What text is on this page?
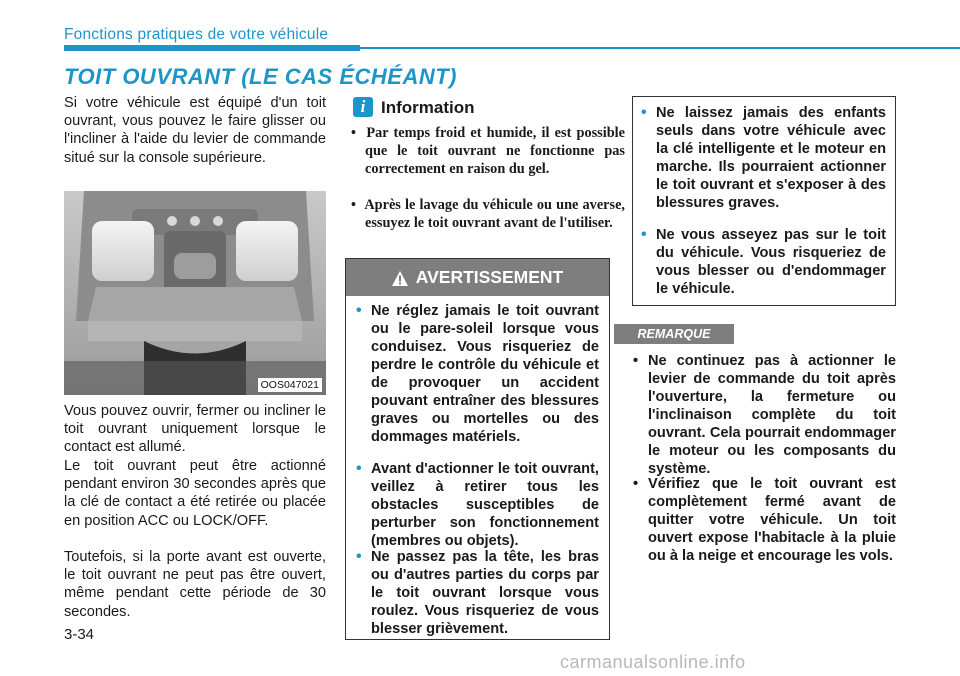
Fonctions pratiques de votre véhicule
TOIT OUVRANT (LE CAS ÉCHÉANT)
Si votre véhicule est équipé d'un toit ouvrant, vous pouvez le faire glisser ou l'incliner à l'aide du levier de commande situé sur la console supérieure.
OOS047021
Vous pouvez ouvrir, fermer ou incliner le toit ouvrant uniquement lorsque le contact est allumé.
Le toit ouvrant peut être actionné pendant environ 30 secondes après que la clé de contact a été retirée ou placée en position ACC ou LOCK/OFF.
Toutefois, si la porte avant est ouverte, le toit ouvrant ne peut pas être ouvert, même pendant cette période de 30 secondes.
i Information
•  Par temps froid et humide, il est possible que le toit ouvrant ne fonctionne pas correctement en raison du gel.
•  Après le lavage du véhicule ou une averse, essuyez le toit ouvrant avant de l'utiliser.
AVERTISSEMENT
• Ne réglez jamais le toit ouvrant ou le pare-soleil lorsque vous conduisez. Vous risqueriez de perdre le contrôle du véhicule et de provoquer un accident pouvant entraîner des blessures graves ou mortelles ou des dommages matériels.
• Avant d'actionner le toit ouvrant, veillez à retirer tous les obstacles susceptibles de perturber son fonctionnement (membres ou objets).
• Ne passez pas la tête, les bras ou d'autres parties du corps par le toit ouvrant lorsque vous roulez. Vous risqueriez de vous blesser grièvement.
• Ne laissez jamais des enfants seuls dans votre véhicule avec la clé intelligente et le moteur en marche. Ils pourraient actionner le toit ouvrant et s'exposer à des blessures graves.
• Ne vous asseyez pas sur le toit du véhicule. Vous risqueriez de vous blesser ou d'endommager le véhicule.
REMARQUE
• Ne continuez pas à actionner le levier de commande du toit après l'ouverture, la fermeture ou l'inclinaison complète du toit ouvrant. Cela pourrait endommager le moteur ou les composants du système.
• Vérifiez que le toit ouvrant est complètement fermé avant de quitter votre véhicule. Un toit ouvert expose l'habitacle à la pluie ou à la neige et encourage les vols.
3-34
carmanualsonline.info
